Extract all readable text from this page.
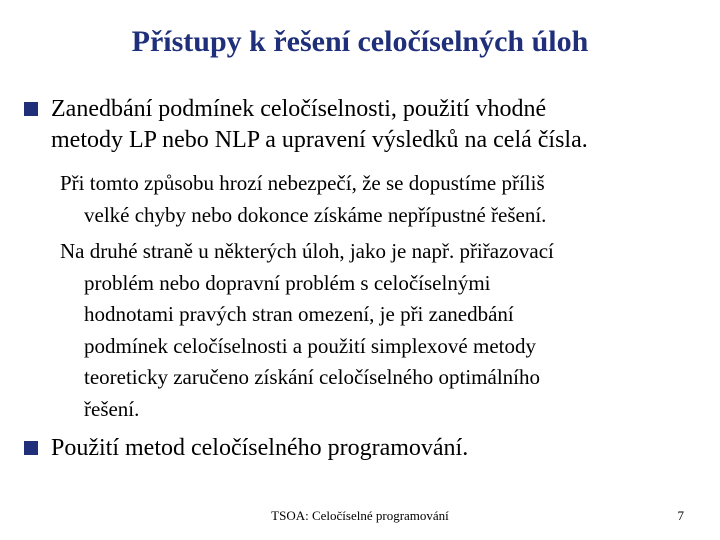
Přístupy k řešení celočíselných úloh
Zanedbání podmínek celočíselnosti, použití vhodné
metody LP nebo NLP a upravení výsledků na celá čísla.
Při tomto způsobu hrozí nebezpečí, že se dopustíme příliš
velké chyby nebo dokonce získáme nepřípustné řešení.
Na druhé straně u některých úloh, jako je např. přiřazovací
problém nebo dopravní problém s celočíselnými
hodnotami pravých stran omezení, je při zanedbání
podmínek celočíselnosti a použití simplexové metody
teoreticky zaručeno získání celočíselného optimálního
řešení.
Použití metod celočíselného programování.
TSOA: Celočíselné programování	7
